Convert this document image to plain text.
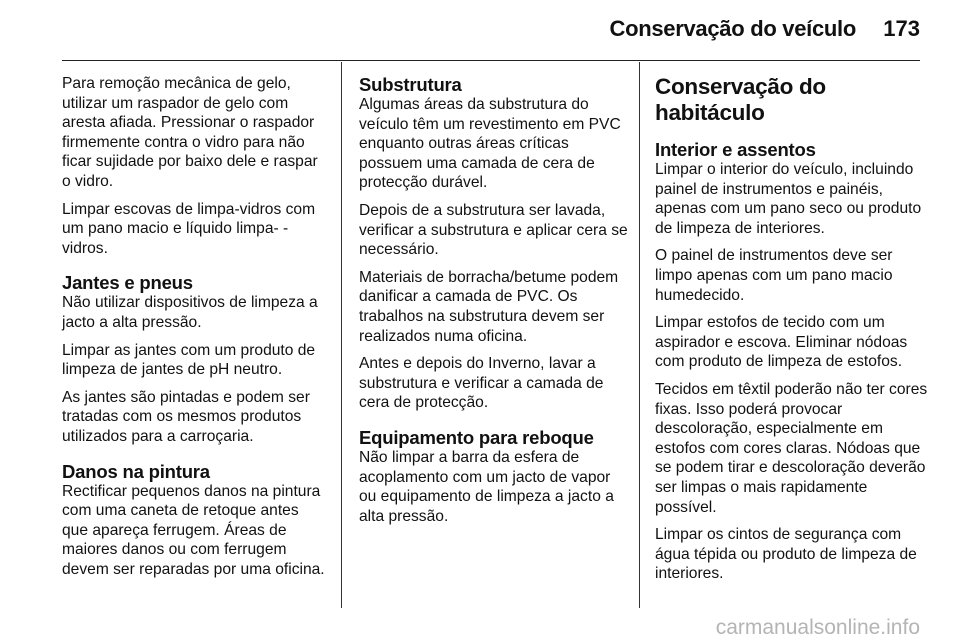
Conservação do veículo 173

Para remoção mecânica de gelo, utilizar um raspador de gelo com aresta afiada. Pressionar o raspador firmemente contra o vidro para não ficar sujidade por baixo dele e raspar o vidro.

Limpar escovas de limpa-vidros com um pano macio e líquido limpa- -vidros.

Jantes e pneus

Não utilizar dispositivos de limpeza a jacto a alta pressão.

Limpar as jantes com um produto de limpeza de jantes de pH neutro.

As jantes são pintadas e podem ser tratadas com os mesmos produtos utilizados para a carroçaria.

Danos na pintura

Rectificar pequenos danos na pintura com uma caneta de retoque antes que apareça ferrugem. Áreas de maiores danos ou com ferrugem devem ser reparadas por uma oficina.

Substrutura

Algumas áreas da substrutura do veículo têm um revestimento em PVC enquanto outras áreas críticas possuem uma camada de cera de protecção durável.

Depois de a substrutura ser lavada, verificar a substrutura e aplicar cera se necessário.

Materiais de borracha/betume podem danificar a camada de PVC. Os trabalhos na substrutura devem ser realizados numa oficina.

Antes e depois do Inverno, lavar a substrutura e verificar a camada de cera de protecção.

Equipamento para reboque

Não limpar a barra da esfera de acoplamento com um jacto de vapor ou equipamento de limpeza a jacto a alta pressão.

Conservação do habitáculo
Interior e assentos

Limpar o interior do veículo, incluindo painel de instrumentos e painéis, apenas com um pano seco ou produto de limpeza de interiores.

O painel de instrumentos deve ser limpo apenas com um pano macio humedecido.

Limpar estofos de tecido com um aspirador e escova. Eliminar nódoas com produto de limpeza de estofos.

Tecidos em têxtil poderão não ter cores fixas. Isso poderá provocar descoloração, especialmente em estofos com cores claras. Nódoas que se podem tirar e descoloração deverão ser limpas o mais rapidamente possível.

Limpar os cintos de segurança com água tépida ou produto de limpeza de interiores.

carmanualsonline.info
